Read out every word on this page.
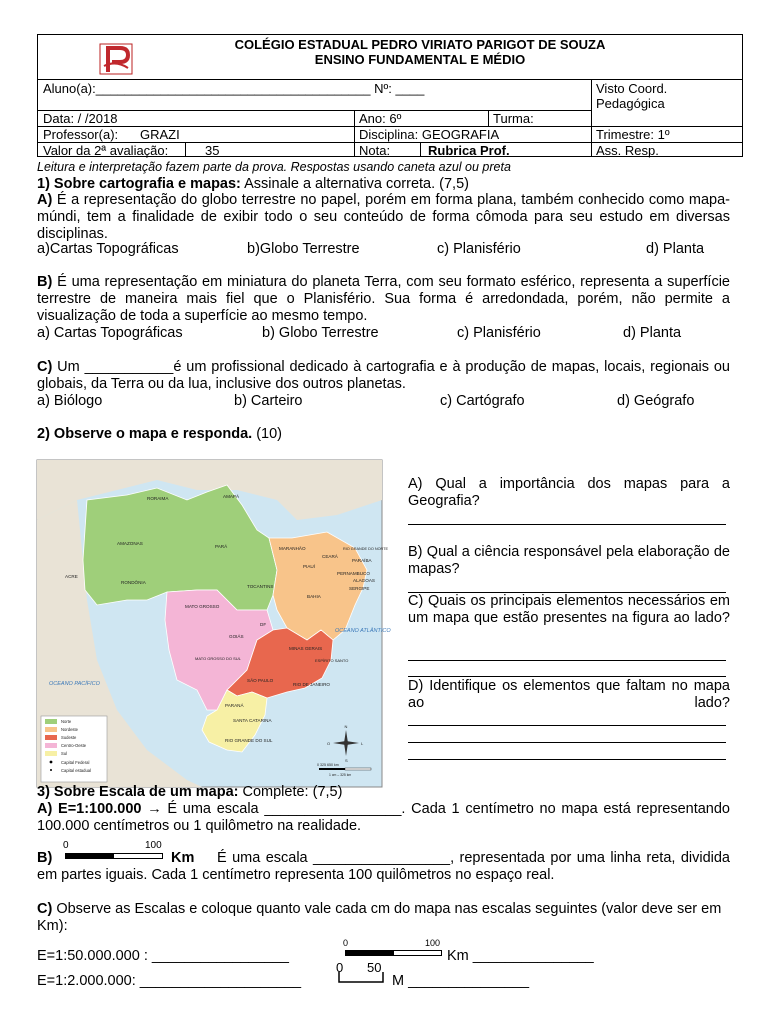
COLÉGIO ESTADUAL PEDRO VIRIATO PARIGOT DE SOUZA
ENSINO FUNDAMENTAL E MÉDIO
Aluno(a):______________________________________ Nº: ____	Visto Coord.
Pedagógica
Data: / /2018	Ano: 6º	Turma:
Professor(a): GRAZI	Disciplina: GEOGRAFIA	Trimestre: 1º
Valor da 2ª avaliação:	35	Nota:	Rubrica Prof.	Ass. Resp.
Leitura e interpretação fazem parte da prova. Respostas usando caneta azul ou preta
1) Sobre cartografia e mapas: Assinale a alternativa correta. (7,5)
A) É a representação do globo terrestre no papel, porém em forma plana, também conhecido como mapa-múndi, tem a finalidade de exibir todo o seu conteúdo de forma cômoda para seu estudo em diversas disciplinas.
a)Cartas Topográficas	b)Globo Terrestre	c) Planisfério	d) Planta
B) É uma representação em miniatura do planeta Terra, com seu formato esférico, representa a superfície terrestre de maneira mais fiel que o Planisfério. Sua forma é arredondada, porém, não permite a visualização de toda a superfície ao mesmo tempo.
a) Cartas Topográficas	b) Globo Terrestre	c) Planisfério	d) Planta
C) Um ___________é um profissional dedicado à cartografia e à produção de mapas, locais, regionais ou globais, da Terra ou da lua, inclusive dos outros planetas.
a) Biólogo	b) Carteiro	c) Cartógrafo	d) Geógrafo
2) Observe o mapa e responda. (10)
RORAIMA	AMAPÁ
AMAZONAS
PARÁ	MARANHÃO
CEARÁ
RIO GRANDE DO NORTE
PARAÍBA
PIAUÍ
PERNAMBUCO
ALAGOAS
SERGIPE
ACRE
RONDÔNIA
TOCANTINS
BAHIA
MATO GROSSO
GOIÁS
DF
MATO GROSSO DO SUL
MINAS GERAIS
ESPÍRITO SANTO
SÃO PAULO
RIO DE JANEIRO
PARANÁ
SANTA CATARINA
RIO GRANDE DO SUL
OCEANO ATLÂNTICO
OCEANO PACÍFICO
Norte
Nordeste
Sudeste
Centro-Oeste
Sul
Capital Federal
Capital estadual
N
S
L
O
0 325 650 km
1 cm – 325 km
A) Qual a importância dos mapas para a Geografia?
B) Qual a ciência responsável pela elaboração de mapas?
C) Quais os principais elementos necessários em um mapa que estão presentes na figura ao lado?
D) Identifique os elementos que faltam no mapa ao lado?
3) Sobre Escala de um mapa: Complete: (7,5)
A) E=1:100.000 → É uma escala _________________. Cada 1 centímetro no mapa está representando 100.000 centímetros ou 1 quilômetro na realidade.
B)
0	100
Km	É uma escala _________________, representada por uma linha reta, dividida em partes iguais. Cada 1 centímetro representa 100 quilômetros no espaço real.
C) Observe as Escalas e coloque quanto vale cada cm do mapa nas escalas seguintes (valor deve ser em Km):
E=1:50.000.000 : _________________
E=1:2.000.000: ____________________
0	100
Km _______________
0 50
M _______________
